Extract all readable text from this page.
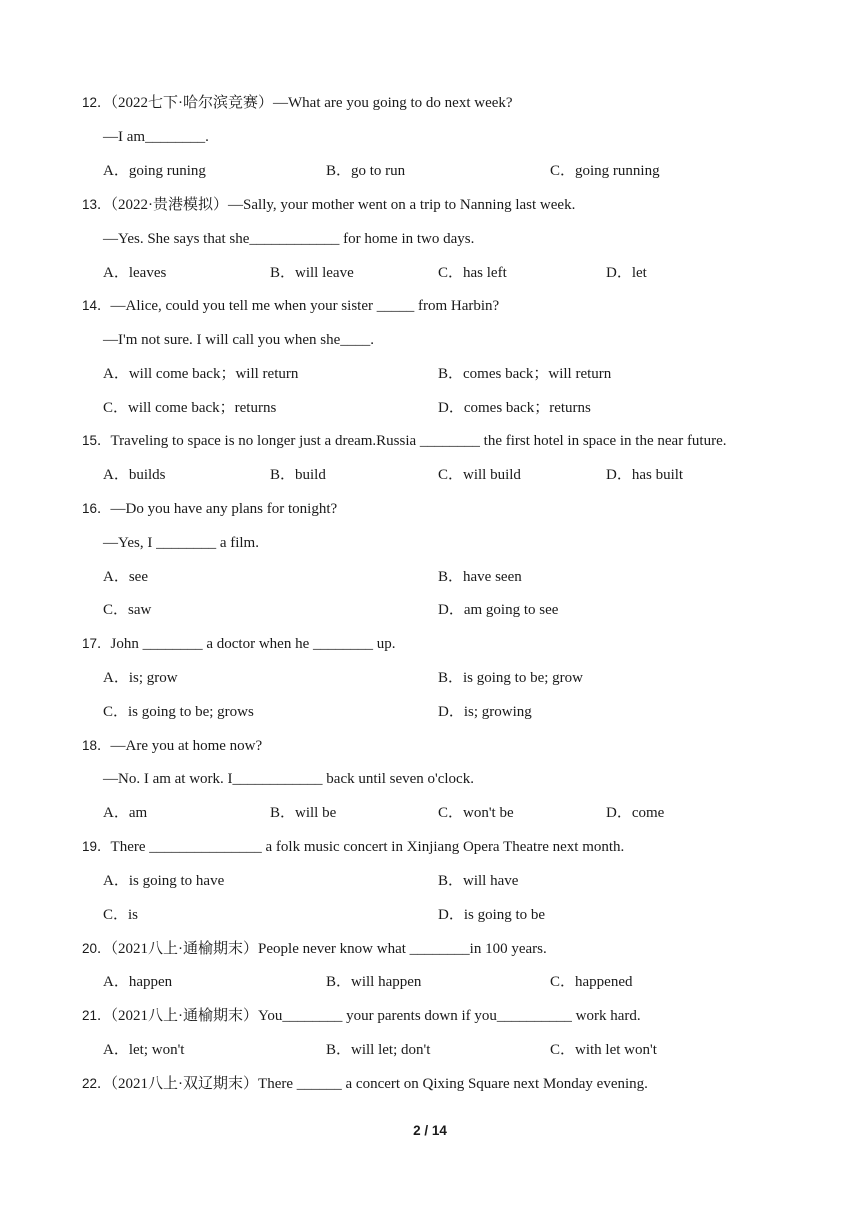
12．（2022七下·哈尔滨竞赛）—What are you going to do next week?
—I am________.
A．going runing	B．go to run	C．going running
13．（2022·贵港模拟）—Sally, your mother went on a trip to Nanning last week.
—Yes. She says that she____________ for home in two days.
A．leaves	B．will leave	C．has left	D．let
14．—Alice, could you tell me when your sister _____ from Harbin?
—I'm not sure. I will call you when she____.
A．will come back；will return	B．comes back；will return
C．will come back；returns	D．comes back；returns
15．Traveling to space is no longer just a dream.Russia ________ the first hotel in space in the near future.
A．builds	B．build	C．will build	D．has built
16．—Do you have any plans for tonight?
—Yes, I ________ a film.
A．see	B．have seen
C．saw	D．am going to see
17．John ________ a doctor when he ________ up.
A．is; grow	B．is going to be; grow
C．is going to be; grows	D．is; growing
18．—Are you at home now?
—No. I am at work. I____________ back until seven o'clock.
A．am	B．will be	C．won't be	D．come
19．There _______________ a folk music concert in Xinjiang Opera Theatre next month.
A．is going to have	B．will have
C．is	D．is going to be
20．（2021八上·通榆期末）People never know what ________in 100 years.
A．happen	B．will happen	C．happened
21．（2021八上·通榆期末）You________ your parents down if you__________ work hard.
A．let; won't	B．will let; don't	C．with let won't
22．（2021八上·双辽期末）There ______ a concert on Qixing Square next Monday evening.
2 / 14
